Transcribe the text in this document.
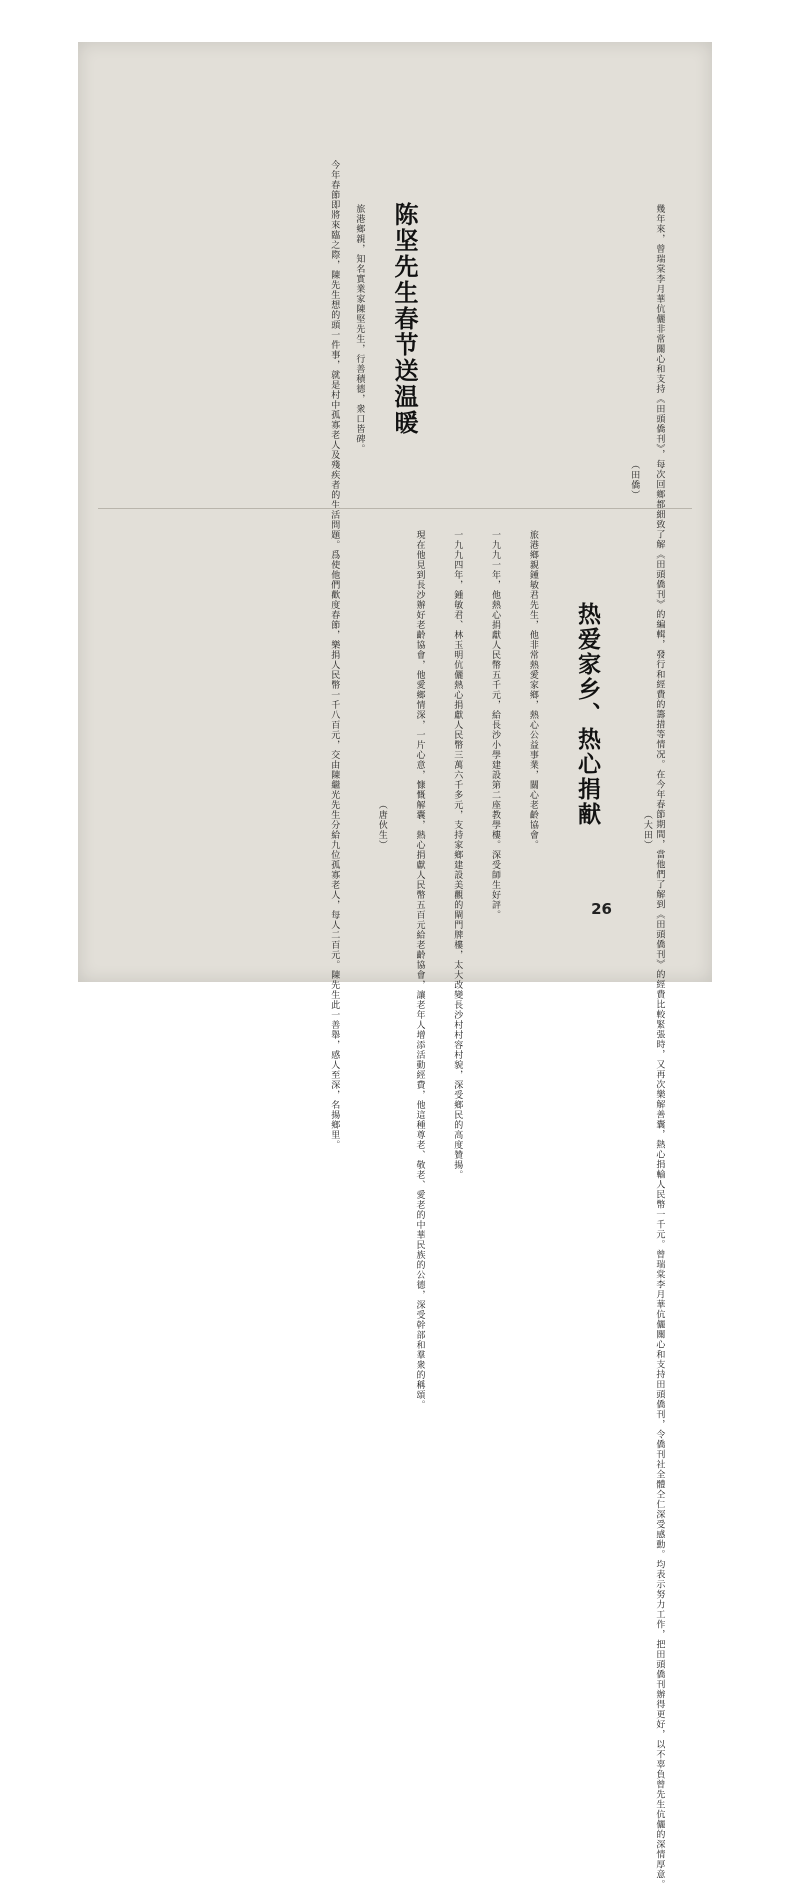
　幾年來，曾瑞棠李月華伉儷非常關心和支持《田頭僑刊》，每次回鄉都細致了解《田頭僑刊》的編輯，發行和經費的籌措等情况。在今年春節期間，當他們了解到《田頭僑刊》的經費比較緊張時，又再次樂解善囊，熱心捐輸人民幣一千元。曾瑞棠李月華伉儷關心和支持田頭僑刊，令僑刊社全體仝仁深受感動。均表示努力工作，把田頭僑刊辦得更好，以不辜負曾先生伉儷的深情厚意。

（田僑）

陈坚先生春节送温暖

　旅港鄉親，知名實業家陳堅先生，行善積德，衆口皆碑。

　今年春節即將來臨之際，陳先生想的頭一件事，就是村中孤寡老人及殘疾者的生活問題。爲使他們歡度春節，樂捐人民幣一千八百元，交由陳繼光先生分給九位孤寡老人，每人二百元。陳先生此一善舉，感人至深，名揚鄉里。

	（大田）

热爱家乡、热心捐献

　旅港鄉親鍾敏君先生，他非常熱愛家鄉，熱心公益事業，關心老齡協會。

　一九九一年，他熱心捐獻人民幣五千元，給長沙小學建設第二座教學樓。深受師生好評。

　一九九四年，鍾敏君、林玉明伉儷熱心捐獻人民幣三萬六千多元，支持家鄉建設美觀的閘門牌樓，太大改變長沙村村容村貌，深受鄉民的高度贊揚。

　現在他見到長沙辦好老齡協會，他愛鄉情深，一片心意，慷慨解囊，熱心捐獻人民幣五百元給老齡協會，讓老年人增添活動經費，他這種尊老、敬老、愛老的中華民族的公德，深受幹部和羣衆的稱頌。

（唐伙生）

26
